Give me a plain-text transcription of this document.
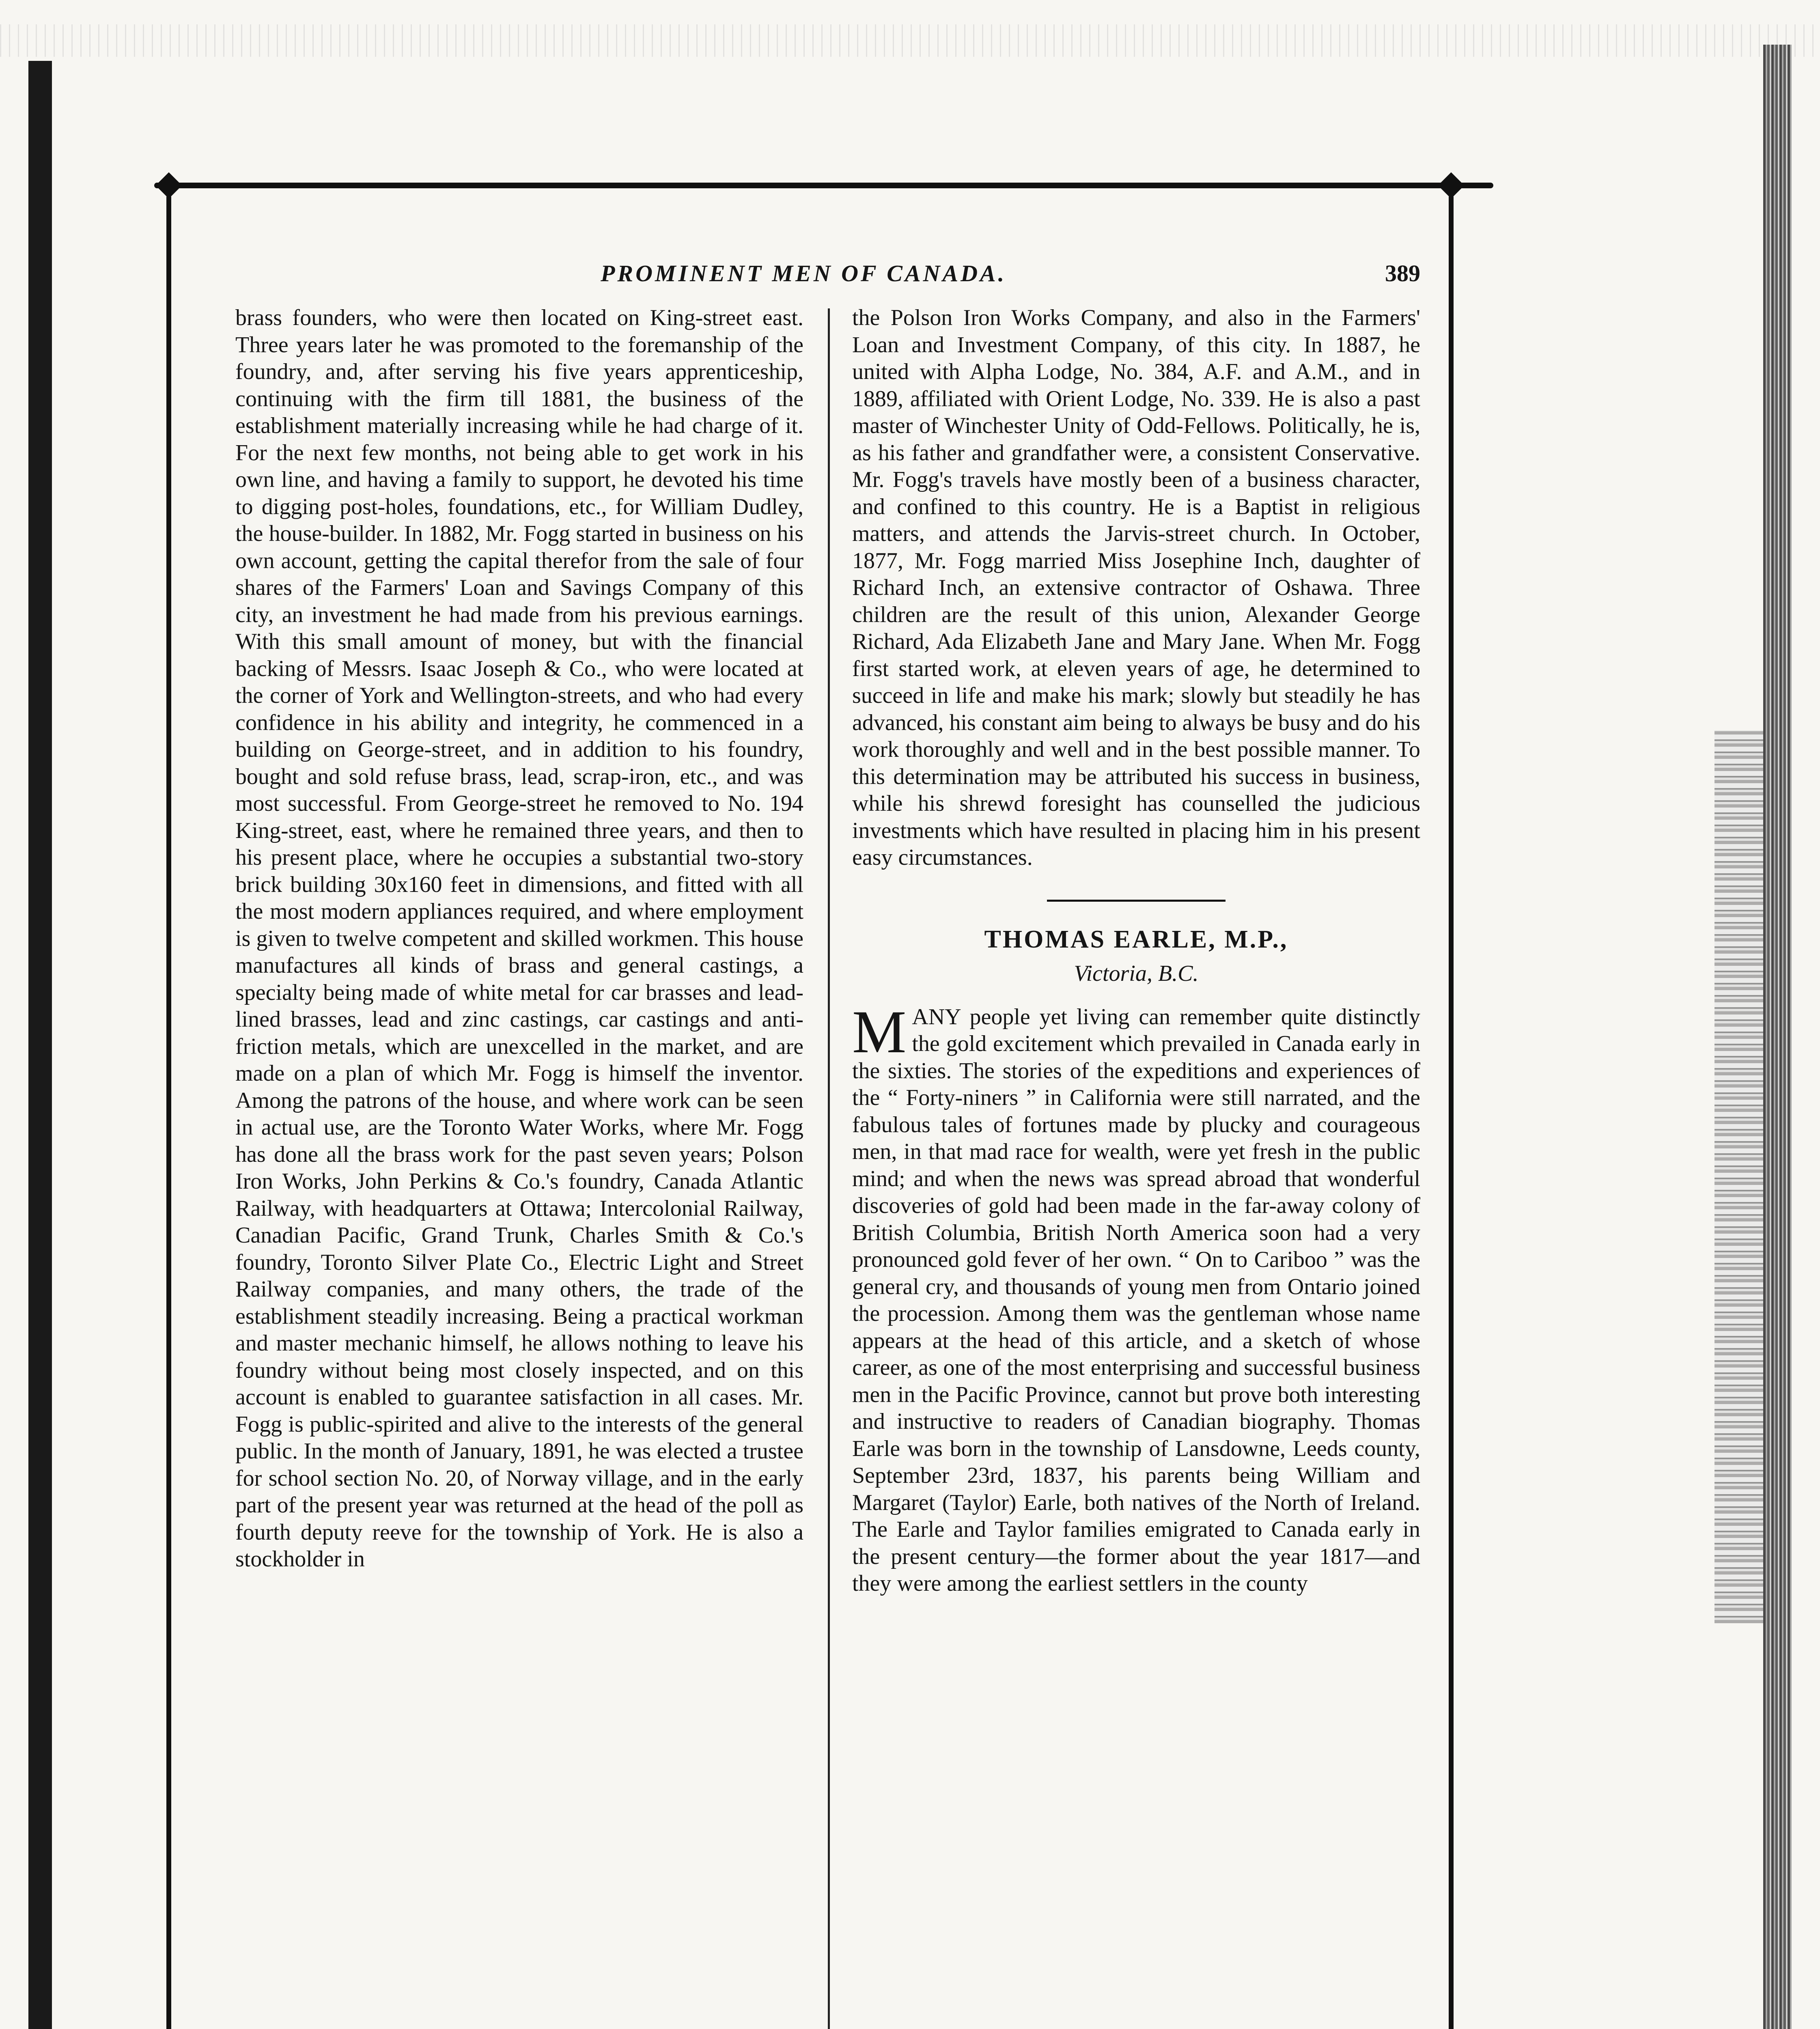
PROMINENT MEN OF CANADA.	389

brass founders, who were then located on King-street east. Three years later he was promoted to the foremanship of the foundry, and, after serving his five years apprenticeship, continuing with the firm till 1881, the business of the establishment materially increasing while he had charge of it. For the next few months, not being able to get work in his own line, and having a family to support, he devoted his time to digging post-holes, foundations, etc., for William Dudley, the house-builder. In 1882, Mr. Fogg started in business on his own account, getting the capital therefor from the sale of four shares of the Farmers' Loan and Savings Company of this city, an investment he had made from his previous earnings. With this small amount of money, but with the financial backing of Messrs. Isaac Joseph & Co., who were located at the corner of York and Wellington-streets, and who had every confidence in his ability and integrity, he commenced in a building on George-street, and in addition to his foundry, bought and sold refuse brass, lead, scrap-iron, etc., and was most successful. From George-street he removed to No. 194 King-street, east, where he remained three years, and then to his present place, where he occupies a substantial two-story brick building 30x160 feet in dimensions, and fitted with all the most modern appliances required, and where employment is given to twelve competent and skilled workmen. This house manufactures all kinds of brass and general castings, a specialty being made of white metal for car brasses and lead-lined brasses, lead and zinc castings, car castings and anti-friction metals, which are unexcelled in the market, and are made on a plan of which Mr. Fogg is himself the inventor. Among the patrons of the house, and where work can be seen in actual use, are the Toronto Water Works, where Mr. Fogg has done all the brass work for the past seven years; Polson Iron Works, John Perkins & Co.'s foundry, Canada Atlantic Railway, with headquarters at Ottawa; Intercolonial Railway, Canadian Pacific, Grand Trunk, Charles Smith & Co.'s foundry, Toronto Silver Plate Co., Electric Light and Street Railway companies, and many others, the trade of the establishment steadily increasing. Being a practical workman and master mechanic himself, he allows nothing to leave his foundry without being most closely inspected, and on this account is enabled to guarantee satisfaction in all cases. Mr. Fogg is public-spirited and alive to the interests of the general public. In the month of January, 1891, he was elected a trustee for school section No. 20, of Norway village, and in the early part of the present year was returned at the head of the poll as fourth deputy reeve for the township of York. He is also a stockholder in

the Polson Iron Works Company, and also in the Farmers' Loan and Investment Company, of this city. In 1887, he united with Alpha Lodge, No. 384, A.F. and A.M., and in 1889, affiliated with Orient Lodge, No. 339. He is also a past master of Winchester Unity of Odd-Fellows. Politically, he is, as his father and grandfather were, a consistent Conservative. Mr. Fogg's travels have mostly been of a business character, and confined to this country. He is a Baptist in religious matters, and attends the Jarvis-street church. In October, 1877, Mr. Fogg married Miss Josephine Inch, daughter of Richard Inch, an extensive contractor of Oshawa. Three children are the result of this union, Alexander George Richard, Ada Elizabeth Jane and Mary Jane. When Mr. Fogg first started work, at eleven years of age, he determined to succeed in life and make his mark; slowly but steadily he has advanced, his constant aim being to always be busy and do his work thoroughly and well and in the best possible manner. To this determination may be attributed his success in business, while his shrewd foresight has counselled the judicious investments which have resulted in placing him in his present easy circumstances.

THOMAS EARLE, M.P.,
Victoria, B.C.

MANY people yet living can remember quite distinctly the gold excitement which prevailed in Canada early in the sixties. The stories of the expeditions and experiences of the “ Forty-niners ” in California were still narrated, and the fabulous tales of fortunes made by plucky and courageous men, in that mad race for wealth, were yet fresh in the public mind; and when the news was spread abroad that wonderful discoveries of gold had been made in the far-away colony of British Columbia, British North America soon had a very pronounced gold fever of her own. “ On to Cariboo ” was the general cry, and thousands of young men from Ontario joined the procession. Among them was the gentleman whose name appears at the head of this article, and a sketch of whose career, as one of the most enterprising and successful business men in the Pacific Province, cannot but prove both interesting and instructive to readers of Canadian biography. Thomas Earle was born in the township of Lansdowne, Leeds county, September 23rd, 1837, his parents being William and Margaret (Taylor) Earle, both natives of the North of Ireland. The Earle and Taylor families emigrated to Canada early in the present century—the former about the year 1817—and they were among the earliest settlers in the county
